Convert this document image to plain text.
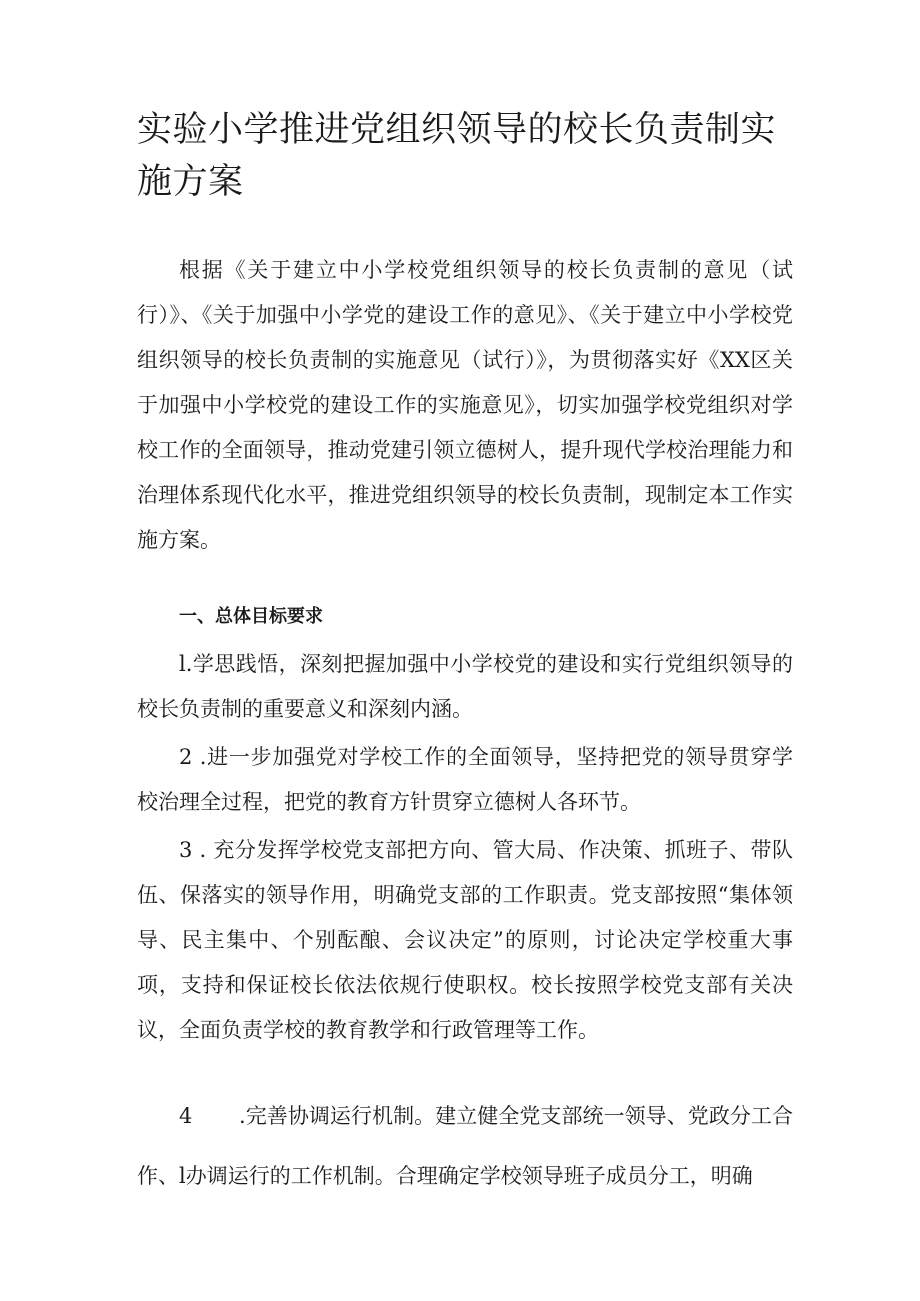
实验小学推进党组织领导的校长负责制实施方案

根据《关于建立中小学校党组织领导的校长负责制的意见（试行）》、《关于加强中小学党的建设工作的意见》、《关于建立中小学校党组织领导的校长负责制的实施意见（试行）》，为贯彻落实好《XX区关于加强中小学校党的建设工作的实施意见》，切实加强学校党组织对学校工作的全面领导，推动党建引领立德树人，提升现代学校治理能力和治理体系现代化水平，推进党组织领导的校长负责制，现制定本工作实施方案。

一、总体目标要求

l.学思践悟，深刻把握加强中小学校党的建设和实行党组织领导的校长负责制的重要意义和深刻内涵。

2 .进一步加强党对学校工作的全面领导，坚持把党的领导贯穿学校治理全过程，把党的教育方针贯穿立德树人各环节。

3 . 充分发挥学校党支部把方向、管大局、作决策、抓班子、带队伍、保落实的领导作用，明确党支部的工作职责。党支部按照“集体领导、民主集中、个别酝酿、会议决定”的原则，讨论决定学校重大事项，支持和保证校长依法依规行使职权。校长按照学校党支部有关决议，全面负责学校的教育教学和行政管理等工作。

4 .完善协调运行机制。建立健全党支部统一领导、党政分工合作、l办调运行的工作机制。合理确定学校领导班子成员分工，明确
